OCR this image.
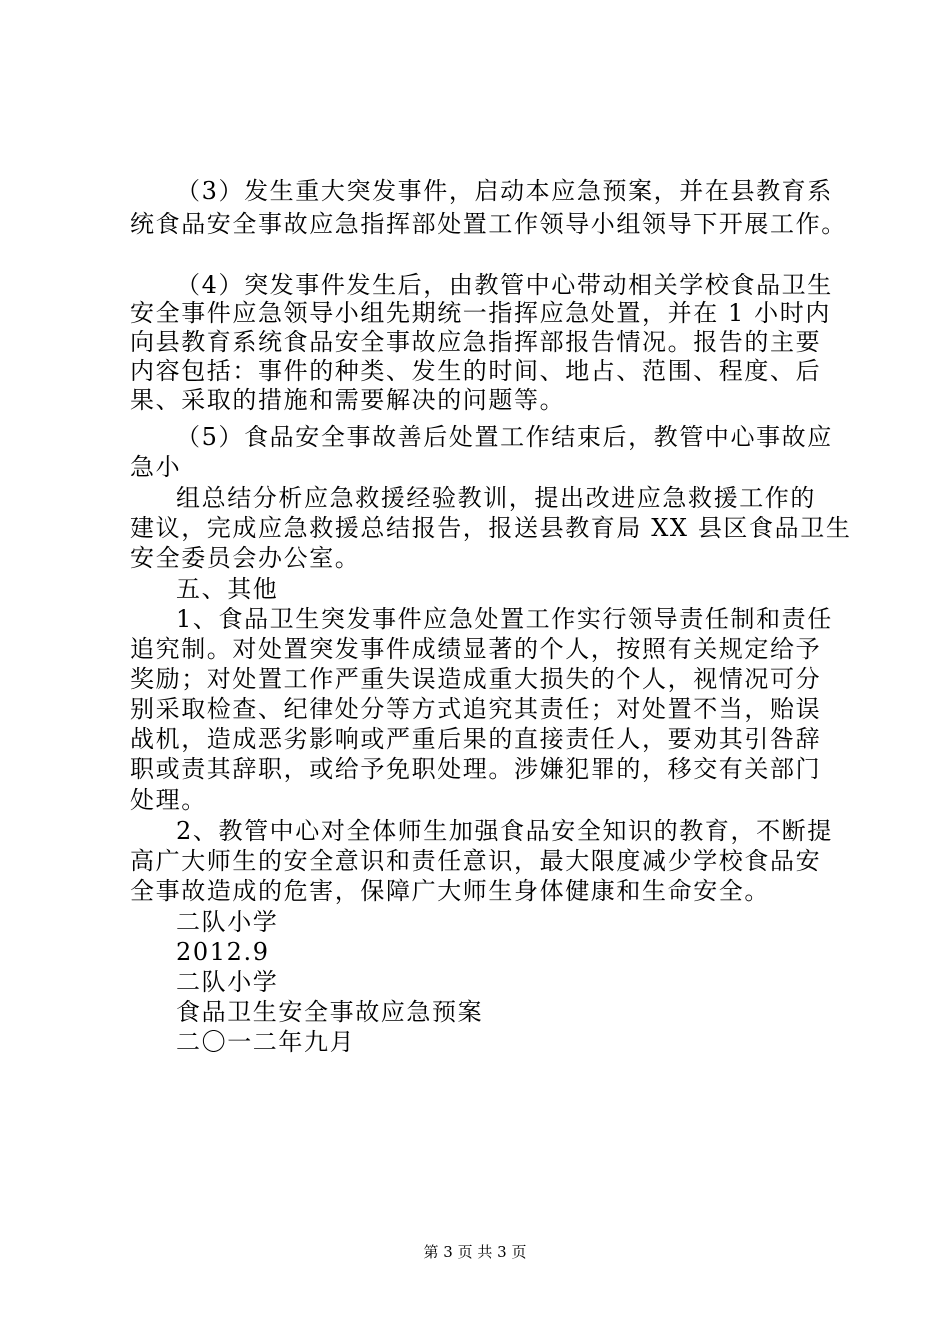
（3）发生重大突发事件，启动本应急预案，并在县教育系
统食品安全事故应急指挥部处置工作领导小组领导下开展工作。
（4）突发事件发生后，由教管中心带动相关学校食品卫生
安全事件应急领导小组先期统一指挥应急处置，并在 1 小时内
向县教育系统食品安全事故应急指挥部报告情况。报告的主要
内容包括：事件的种类、发生的时间、地占、范围、程度、后
果、采取的措施和需要解决的问题等。
（5）食品安全事故善后处置工作结束后，教管中心事故应
急小
组总结分析应急救援经验教训，提出改进应急救援工作的
建议，完成应急救援总结报告，报送县教育局 XX 县区食品卫生
安全委员会办公室。
五、其他
1、食品卫生突发事件应急处置工作实行领导责任制和责任
追究制。对处置突发事件成绩显著的个人，按照有关规定给予
奖励；对处置工作严重失误造成重大损失的个人，视情况可分
别采取检查、纪律处分等方式追究其责任；对处置不当，贻误
战机，造成恶劣影响或严重后果的直接责任人，要劝其引咎辞
职或责其辞职，或给予免职处理。涉嫌犯罪的，移交有关部门
处理。
2、教管中心对全体师生加强食品安全知识的教育，不断提
高广大师生的安全意识和责任意识，最大限度减少学校食品安
全事故造成的危害，保障广大师生身体健康和生命安全。
二队小学
2012.9
二队小学
食品卫生安全事故应急预案
二〇一二年九月
第 3 页 共 3 页
